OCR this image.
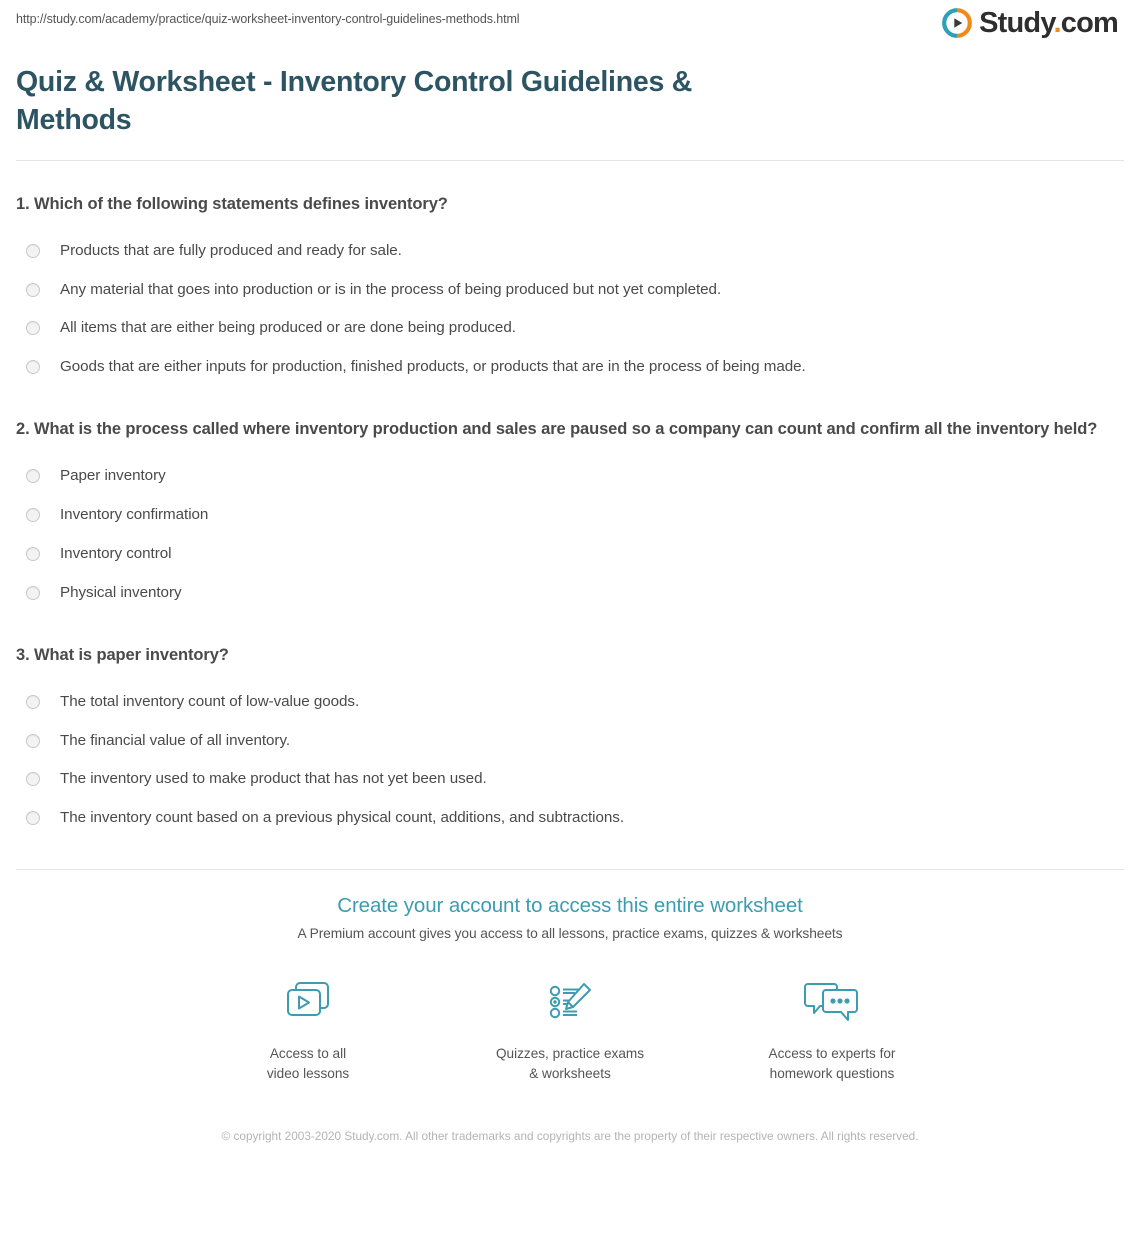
http://study.com/academy/practice/quiz-worksheet-inventory-control-guidelines-methods.html	Study.com
Quiz & Worksheet - Inventory Control Guidelines & Methods

1. Which of the following statements defines inventory?

Products that are fully produced and ready for sale.
Any material that goes into production or is in the process of being produced but not yet completed.
All items that are either being produced or are done being produced.
Goods that are either inputs for production, finished products, or products that are in the process of being made.

2. What is the process called where inventory production and sales are paused so a company can count and confirm all the inventory held?

Paper inventory
Inventory confirmation
Inventory control
Physical inventory

3. What is paper inventory?

The total inventory count of low-value goods.
The financial value of all inventory.
The inventory used to make product that has not yet been used.
The inventory count based on a previous physical count, additions, and subtractions.
Create your account to access this entire worksheet

A Premium account gives you access to all lessons, practice exams, quizzes & worksheets

Access to all
video lessons
Quizzes, practice exams
& worksheets
Access to experts for
homework questions
© copyright 2003-2020 Study.com. All other trademarks and copyrights are the property of their respective owners. All rights reserved.
